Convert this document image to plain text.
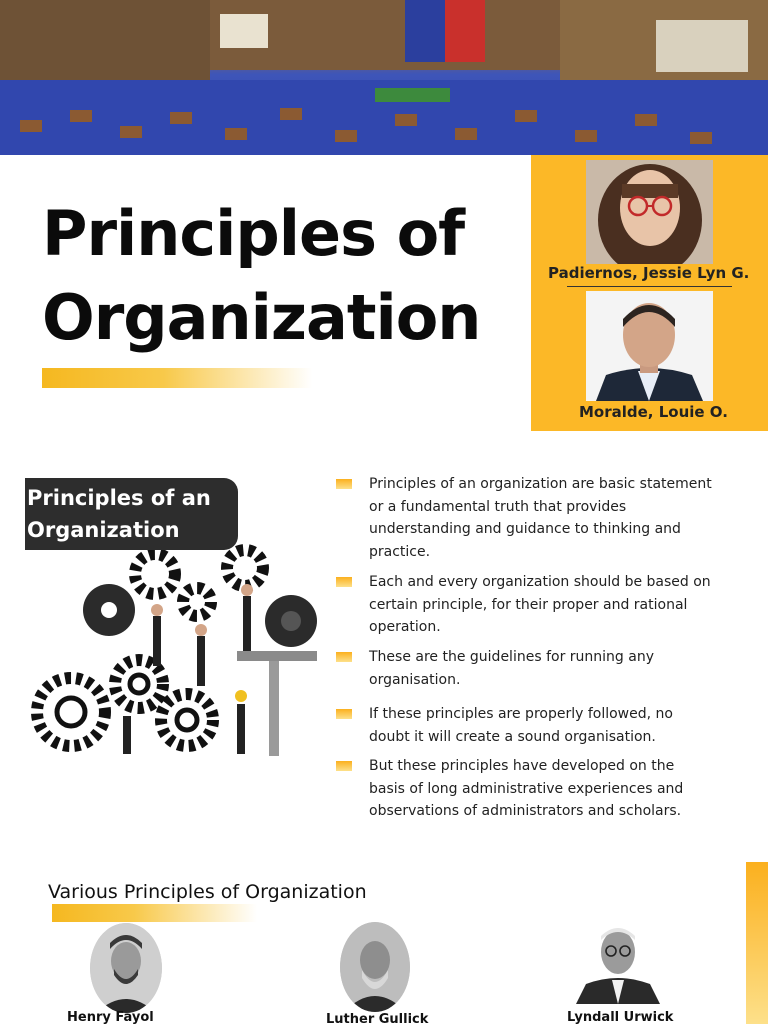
Principles of
Organization
Padiernos, Jessie Lyn G.
Moralde, Louie O.
Principles of an
Organization
Principles of an organization are basic statement or a fundamental truth that provides understanding and guidance to thinking and practice.
Each and every organization should be based on certain principle, for their proper and rational operation.
These are the guidelines for running any organisation.
If these principles are properly followed, no doubt it will create a sound organisation.
But these principles have developed on the basis of long administrative experiences and observations of administrators and scholars.
Various Principles of Organization
Henry Fayol	Luther Gullick	Lyndall Urwick
